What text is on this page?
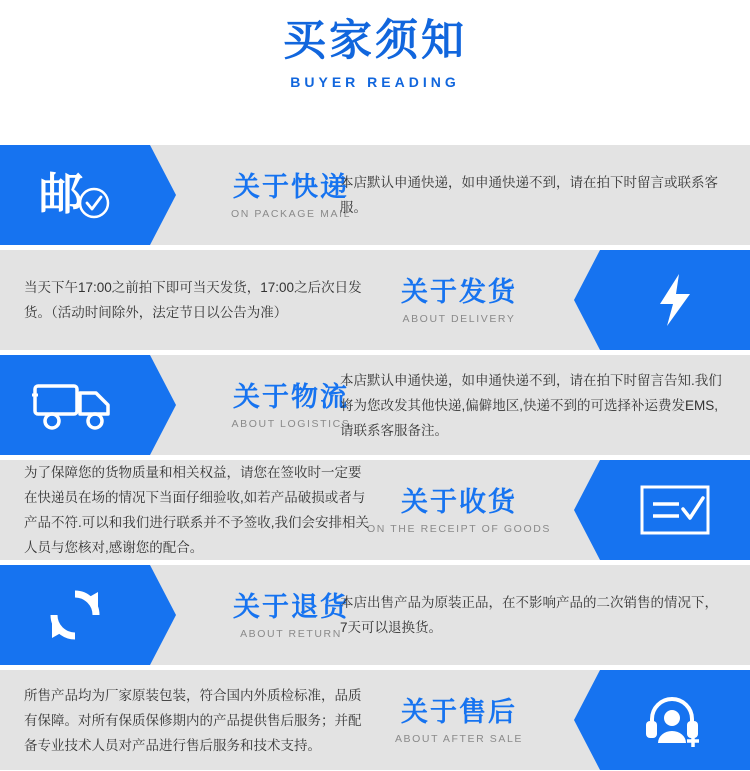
买家须知
BUYER READING
邮	关于快递
ON PACKAGE MAIL

本店默认申通快递，如申通快递不到，请在拍下时留言或联系客服。

关于发货
ABOUT DELIVERY

当天下午17:00之前拍下即可当天发货，17:00之后次日发货。（活动时间除外，法定节日以公告为准）

关于物流
ABOUT LOGISTICS

本店默认申通快递，如申通快递不到，请在拍下时留言告知.我们将为您改发其他快递,偏僻地区,快递不到的可选择补运费发EMS,请联系客服备注。

关于收货
ON THE RECEIPT OF GOODS

为了保障您的货物质量和相关权益，请您在签收时一定要在快递员在场的情况下当面仔细验收,如若产品破损或者与产品不符.可以和我们进行联系并不予签收,我们会安排相关人员与您核对,感谢您的配合。

关于退货
ABOUT RETURN

本店出售产品为原装正品，在不影响产品的二次销售的情况下，7天可以退换货。

关于售后
ABOUT AFTER SALE

所售产品均为厂家原装包装，符合国内外质检标准，品质有保障。对所有保质保修期内的产品提供售后服务；并配备专业技术人员对产品进行售后服务和技术支持。
